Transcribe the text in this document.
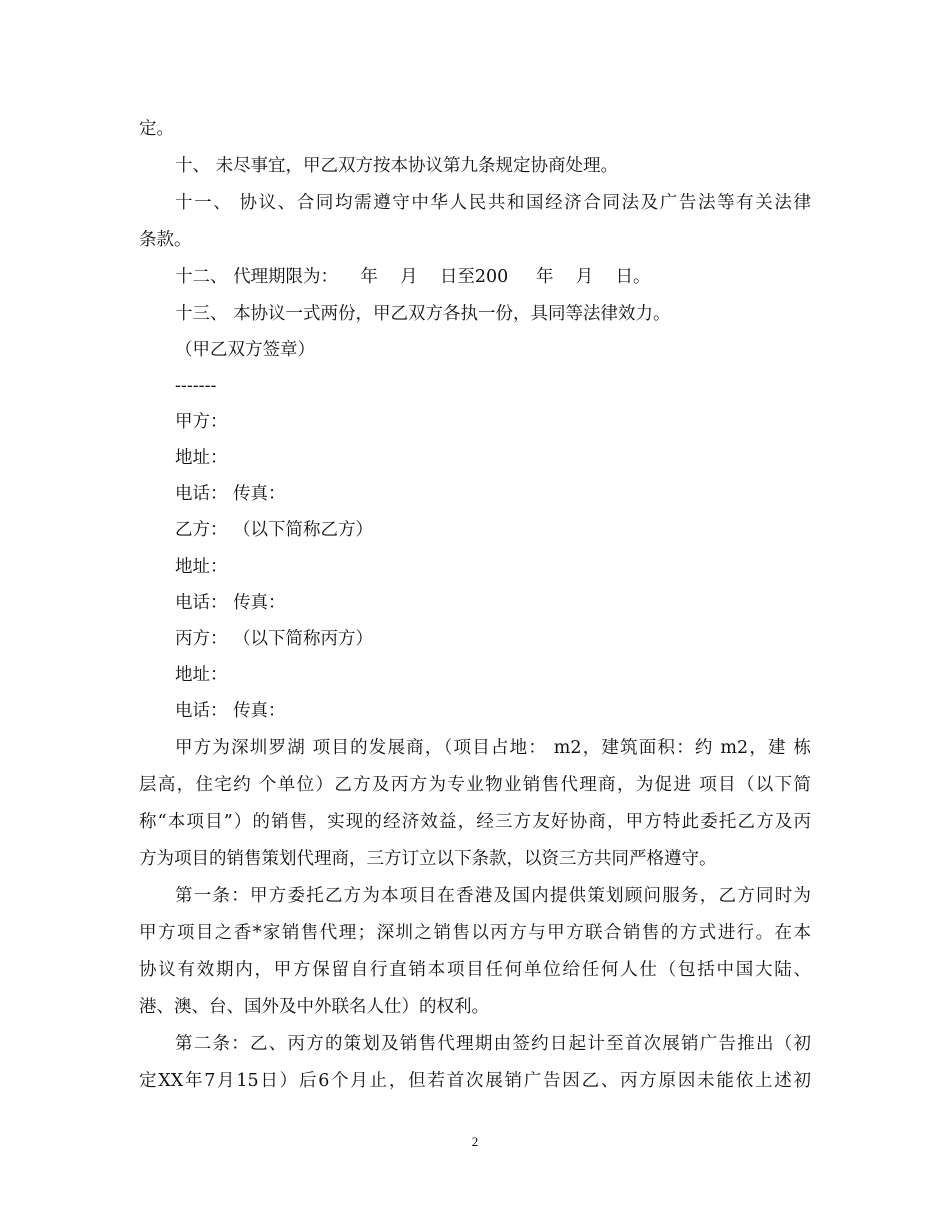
定。
十、 未尽事宜，甲乙双方按本协议第九条规定协商处理。
十一、 协议、合同均需遵守中华人民共和国经济合同法及广告法等有关法律
条款。
十二、 代理期限为：    年    月    日至200     年    月    日。
十三、 本协议一式两份，甲乙双方各执一份，具同等法律效力。
（甲乙双方签章）
-------
甲方：
地址：
电话： 传真：
乙方： （以下简称乙方）
地址：
电话： 传真：
丙方： （以下简称丙方）
地址：
电话： 传真：
甲方为深圳罗湖 项目的发展商，（项目占地： m2，建筑面积：约 m2，建 栋
层高，住宅约 个单位）乙方及丙方为专业物业销售代理商，为促进 项目（以下简
称“本项目”）的销售，实现的经济效益，经三方友好协商，甲方特此委托乙方及丙
方为项目的销售策划代理商，三方订立以下条款，以资三方共同严格遵守。
第一条：甲方委托乙方为本项目在香港及国内提供策划顾问服务，乙方同时为
甲方项目之香*家销售代理；深圳之销售以丙方与甲方联合销售的方式进行。在本
协议有效期内，甲方保留自行直销本项目任何单位给任何人仕（包括中国大陆、
港、澳、台、国外及中外联名人仕）的权利。
第二条：乙、丙方的策划及销售代理期由签约日起计至首次展销广告推出（初
定XX年7月15日）后6个月止，但若首次展销广告因乙、丙方原因未能依上述初
2
